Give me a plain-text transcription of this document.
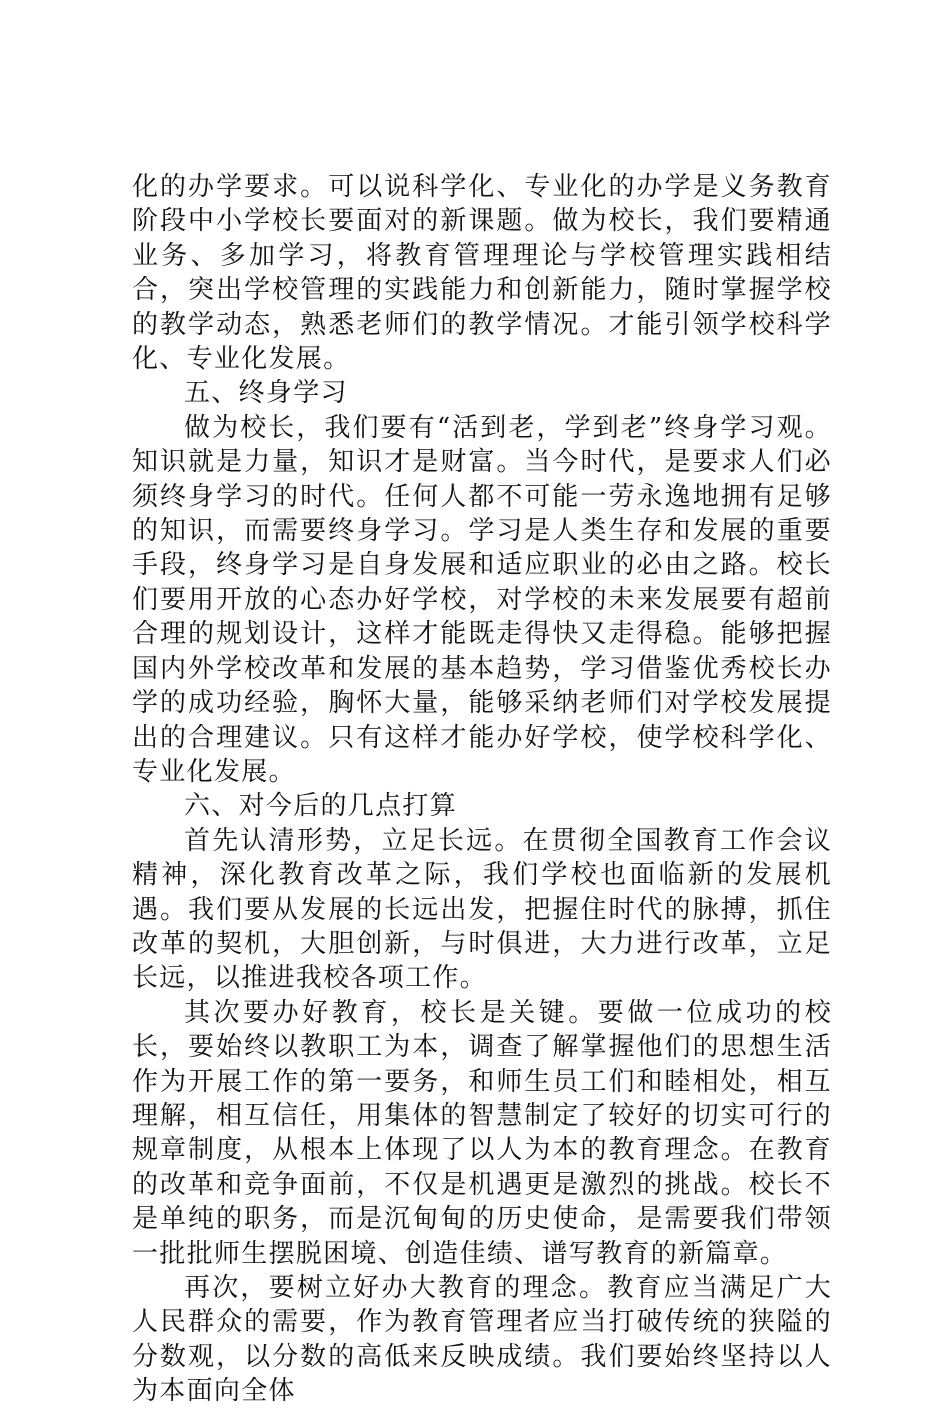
化的办学要求。可以说科学化、专业化的办学是义务教育阶段中小学校长要面对的新课题。做为校长，我们要精通业务、多加学习，将教育管理理论与学校管理实践相结合，突出学校管理的实践能力和创新能力，随时掌握学校的教学动态，熟悉老师们的教学情况。才能引领学校科学化、专业化发展。

五、终身学习

做为校长，我们要有“活到老，学到老”终身学习观。知识就是力量，知识才是财富。当今时代，是要求人们必须终身学习的时代。任何人都不可能一劳永逸地拥有足够的知识，而需要终身学习。学习是人类生存和发展的重要手段，终身学习是自身发展和适应职业的必由之路。校长们要用开放的心态办好学校，对学校的未来发展要有超前合理的规划设计，这样才能既走得快又走得稳。能够把握国内外学校改革和发展的基本趋势，学习借鉴优秀校长办学的成功经验，胸怀大量，能够采纳老师们对学校发展提出的合理建议。只有这样才能办好学校，使学校科学化、专业化发展。

六、对今后的几点打算

首先认清形势，立足长远。在贯彻全国教育工作会议精神，深化教育改革之际，我们学校也面临新的发展机遇。我们要从发展的长远出发，把握住时代的脉搏，抓住改革的契机，大胆创新，与时俱进，大力进行改革，立足长远，以推进我校各项工作。

其次要办好教育，校长是关键。要做一位成功的校长，要始终以教职工为本，调查了解掌握他们的思想生活作为开展工作的第一要务，和师生员工们和睦相处，相互理解，相互信任，用集体的智慧制定了较好的切实可行的规章制度，从根本上体现了以人为本的教育理念。在教育的改革和竞争面前，不仅是机遇更是激烈的挑战。校长不是单纯的职务，而是沉甸甸的历史使命，是需要我们带领一批批师生摆脱困境、创造佳绩、谱写教育的新篇章。

再次，要树立好办大教育的理念。教育应当满足广大人民群众的需要，作为教育管理者应当打破传统的狭隘的分数观，以分数的高低来反映成绩。我们要始终坚持以人为本面向全体
